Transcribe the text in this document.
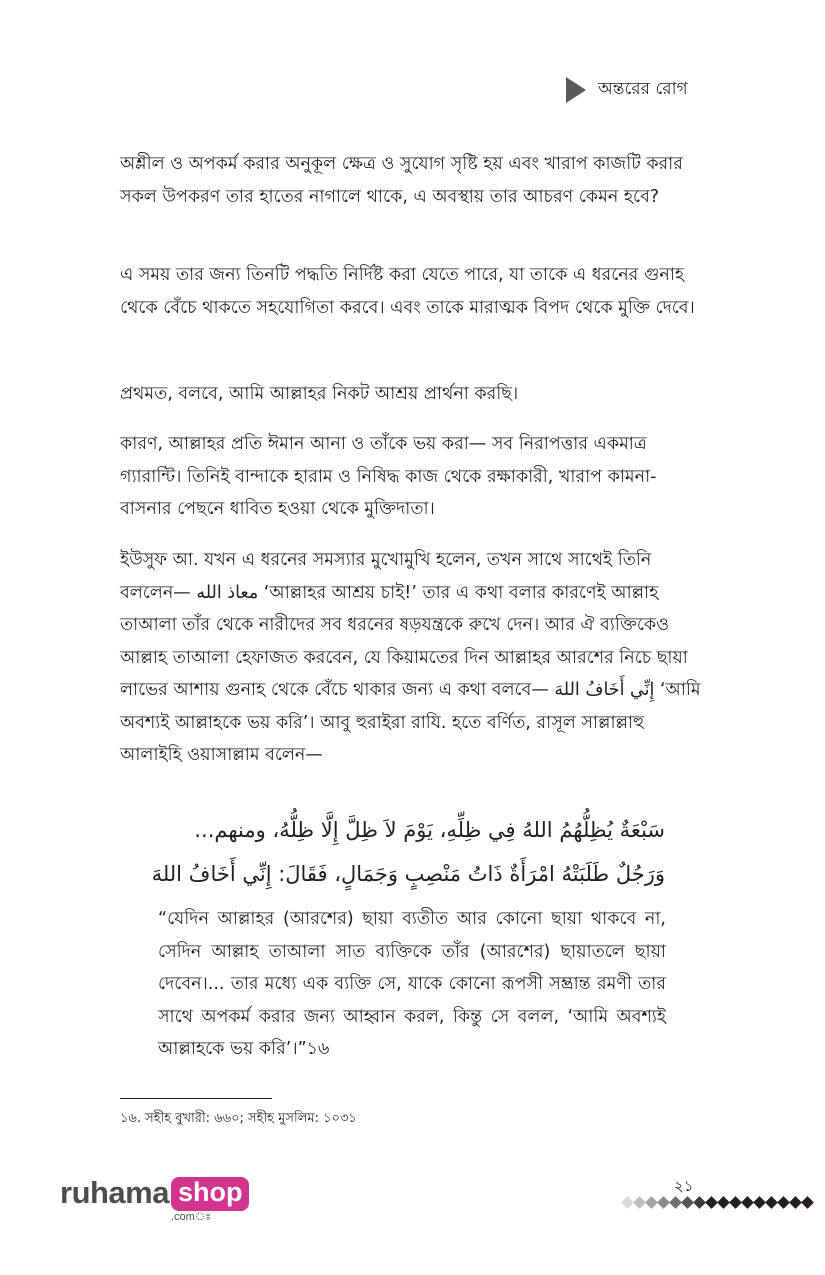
অন্তরের রোগ

অশ্লীল ও অপকর্ম করার অনুকূল ক্ষেত্র ও সুযোগ সৃষ্টি হয় এবং খারাপ কাজটি করার সকল উপকরণ তার হাতের নাগালে থাকে, এ অবস্থায় তার আচরণ কেমন হবে?

এ সময় তার জন্য তিনটি পদ্ধতি নির্দিষ্ট করা যেতে পারে, যা তাকে এ ধরনের গুনাহ থেকে বেঁচে থাকতে সহযোগিতা করবে। এবং তাকে মারাত্মক বিপদ থেকে মুক্তি দেবে।

প্রথমত, বলবে, আমি আল্লাহর নিকট আশ্রয় প্রার্থনা করছি।

কারণ, আল্লাহর প্রতি ঈমান আনা ও তাঁকে ভয় করা— সব নিরাপত্তার একমাত্র গ্যারান্টি। তিনিই বান্দাকে হারাম ও নিষিদ্ধ কাজ থেকে রক্ষাকারী, খারাপ কামনা-বাসনার পেছনে ধাবিত হওয়া থেকে মুক্তিদাতা।

ইউসুফ আ. যখন এ ধরনের সমস্যার মুখোমুখি হলেন, তখন সাথে সাথেই তিনি বললেন— معاذ الله ‘আল্লাহর আশ্রয় চাই!’ তার এ কথা বলার কারণেই আল্লাহ তাআলা তাঁর থেকে নারীদের সব ধরনের ষড়যন্ত্রকে রুখে দেন। আর ঐ ব্যক্তিকেও আল্লাহ তাআলা হেফাজত করবেন, যে কিয়ামতের দিন আল্লাহর আরশের নিচে ছায়া লাভের আশায় গুনাহ থেকে বেঁচে থাকার জন্য এ কথা বলবে— إِنِّي أَخَافُ اللهَ ‘আমি অবশ্যই আল্লাহকে ভয় করি’। আবু হুরাইরা রাযি. হতে বর্ণিত, রাসূল সাল্লাল্লাহু আলাইহি ওয়াসাল্লাম বলেন—

سَبْعَةٌ يُظِلُّهُمُ اللهُ فِي ظِلِّهِ، يَوْمَ لاَ ظِلَّ إِلَّا ظِلُّهُ، ومنهم... وَرَجُلٌ طَلَبَتْهُ امْرَأَةٌ ذَاتُ مَنْصِبٍ وَجَمَالٍ، فَقَالَ: إِنِّي أَخَافُ اللهَ

“যেদিন আল্লাহর (আরশের) ছায়া ব্যতীত আর কোনো ছায়া থাকবে না, সেদিন আল্লাহ তাআলা সাত ব্যক্তিকে তাঁর (আরশের) ছায়াতলে ছায়া দেবেন।... তার মধ্যে এক ব্যক্তি সে, যাকে কোনো রূপসী সম্ভ্রান্ত রমণী তার সাথে অপকর্ম করার জন্য আহ্বান করল, কিন্তু সে বলল, ‘আমি অবশ্যই আল্লাহকে ভয় করি’।”১৬

১৬. সহীহ বুখারী: ৬৬০; সহীহ মুসলিম: ১০৩১

ruhama shop
.comঃ
২১
